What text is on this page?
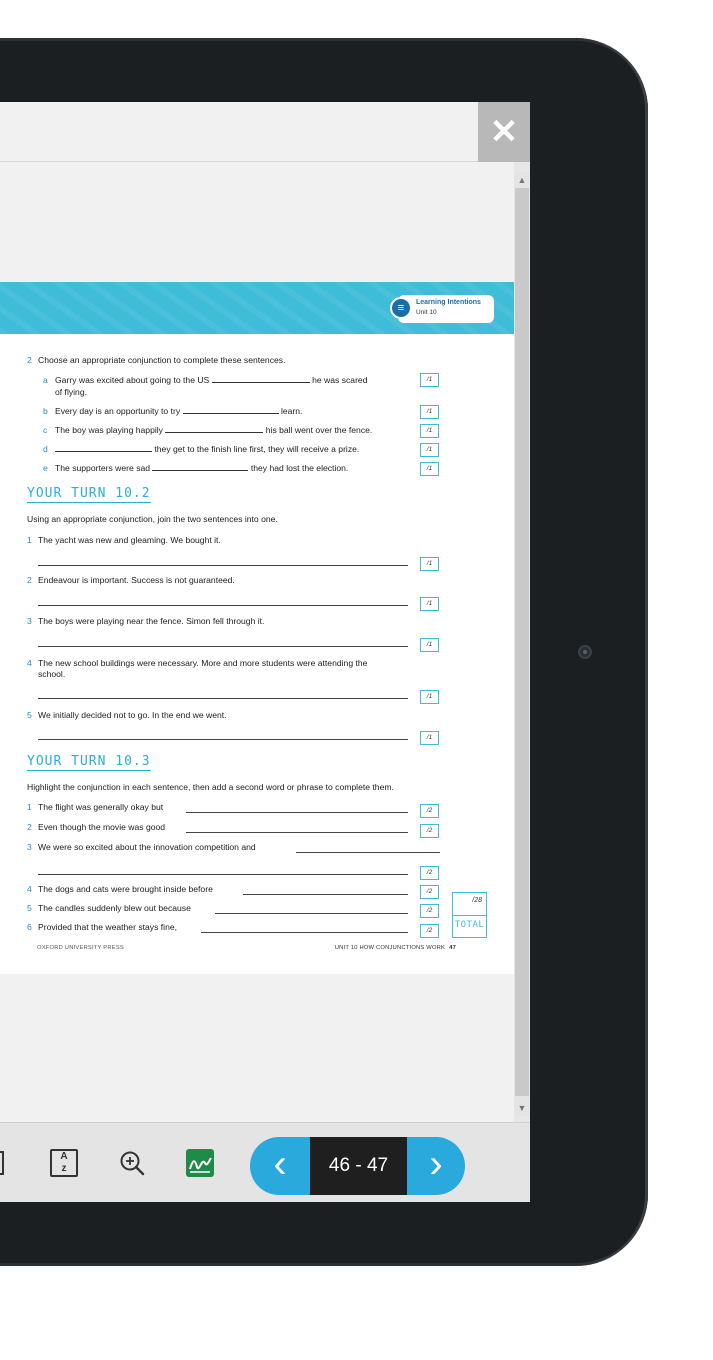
✕
▲
▼
≡	Learning Intentions
Unit 10
2 Choose an appropriate conjunction to complete these sentences.
a Garry was excited about going to the US	he was scared
of flying.
/1
b Every day is an opportunity to try	learn.	/1
c The boy was playing happily	his ball went over the fence.	/1
d	they get to the finish line first, they will receive a prize.	/1
e The supporters were sad	they had lost the election.	/1
YOUR TURN 10.2
Using an appropriate conjunction, join the two sentences into one.
1 The yacht was new and gleaming. We bought it.
/1
2 Endeavour is important. Success is not guaranteed.
/1
3 The boys were playing near the fence. Simon fell through it.
/1
4 The new school buildings were necessary. More and more students were attending the
school.
/1
5 We initially decided not to go. In the end we went.
/1
YOUR TURN 10.3
Highlight the conjunction in each sentence, then add a second word or phrase to complete them.
1 The flight was generally okay but	/2
2 Even though the movie was good	/2
3 We were so excited about the innovation competition and
/2
4 The dogs and cats were brought inside before	/2
5 The candles suddenly blew out because	/2
6 Provided that the weather stays fine,	/2
OXFORD UNIVERSITY PRESS	UNIT 10 HOW CONJUNCTIONS WORK 47
/28
TOTAL
A
z	‹	46 - 47	›
